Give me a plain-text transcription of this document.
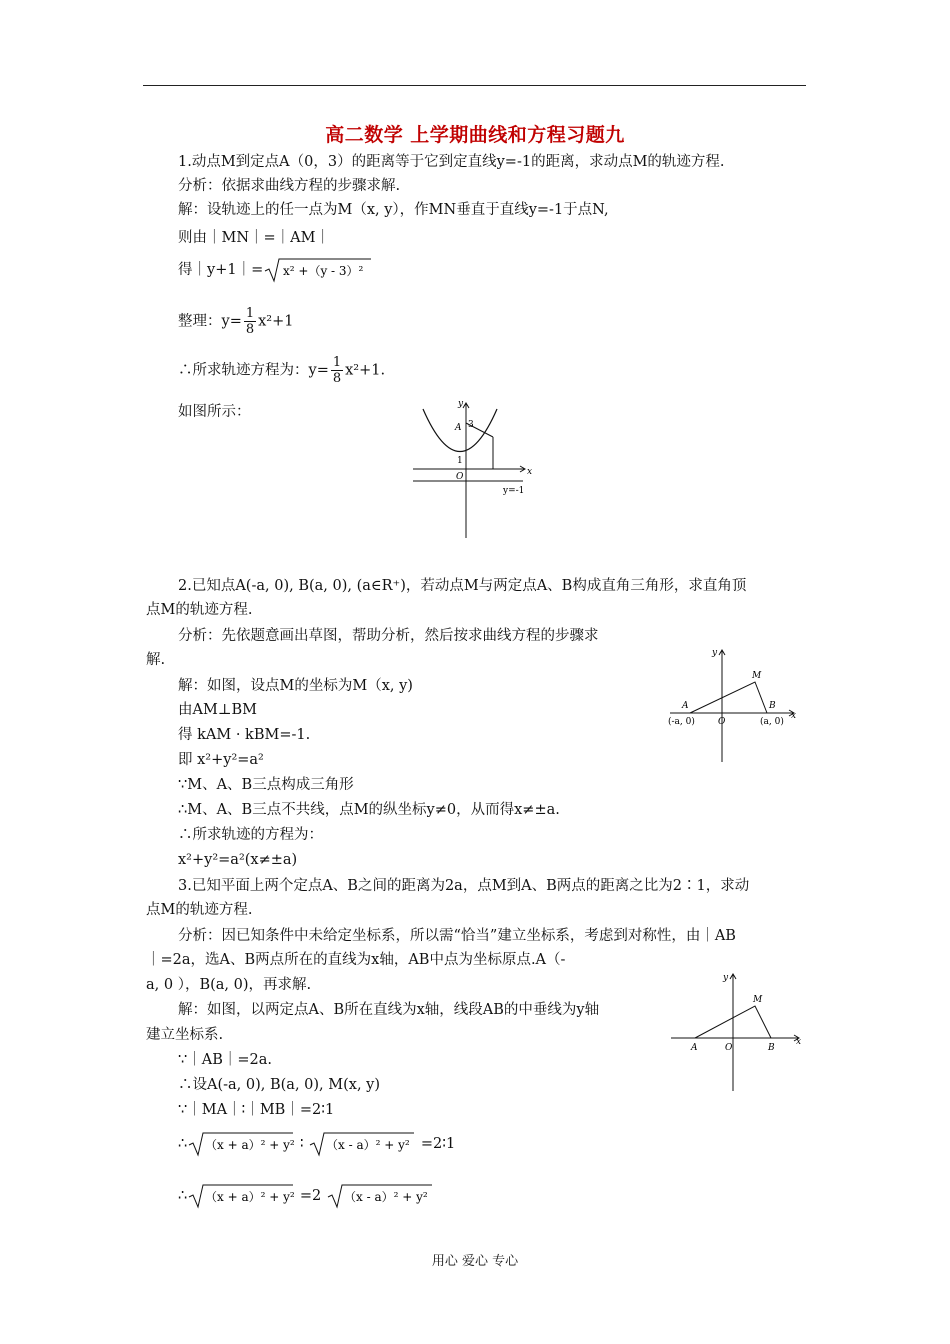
高二数学 上学期曲线和方程习题九
1.动点M到定点A（0，3）的距离等于它到定直线y=-1的距离，求动点M的轨迹方程.
分析：依据求曲线方程的步骤求解.
解：设轨迹上的任一点为M（x, y），作MN垂直于直线y=-1于点N,
则由｜MN｜=｜AM｜
得｜y+1｜= x² +（y - 3）²
整理：$y= \frac{1}{8} x^2+1$
∴所求轨迹方程为：$y= \frac{1}{8} x^2+1$.
如图所示：	y
x
A 3
1
O
y=-1
2.已知点A(-a, 0), B(a, 0), (a∈R⁺)，若动点M与两定点A、B构成直角三角形，求直角顶
点M的轨迹方程.
分析：先依题意画出草图，帮助分析，然后按求曲线方程的步骤求
解.
解：如图，设点M的坐标为M（x, y)
由AM⊥BM
得 kAM · kBM=-1.
即 x²+y²=a²
∵M、A、B三点构成三角形
∴M、A、B三点不共线，点M的纵坐标y≠0，从而得x≠±a.
∴所求轨迹的方程为：
x²+y²=a²(x≠±a)
y
M
A	B
(-a, 0)	O	(a, 0)
x
3.已知平面上两个定点A、B之间的距离为2a，点M到A、B两点的距离之比为2∶1，求动
点M的轨迹方程.
分析：因已知条件中未给定坐标系，所以需“恰当”建立坐标系，考虑到对称性，由｜AB
｜=2a，选A、B两点所在的直线为x轴，AB中点为坐标原点.A（-
a, 0 ），B(a, 0)，再求解.
解：如图，以两定点A、B所在直线为x轴，线段AB的中垂线为y轴
建立坐标系.
∵｜AB｜=2a.
∴设A(-a, 0), B(a, 0), M(x, y)
∵｜MA｜∶｜MB｜=2∶1
∴ （x + a）² + y² ∶ （x - a）² + y² =2∶1
∴ （x + a）² + y² =2 （x - a）² + y²
y
M
A	O	B
x
用心 爱心 专心
